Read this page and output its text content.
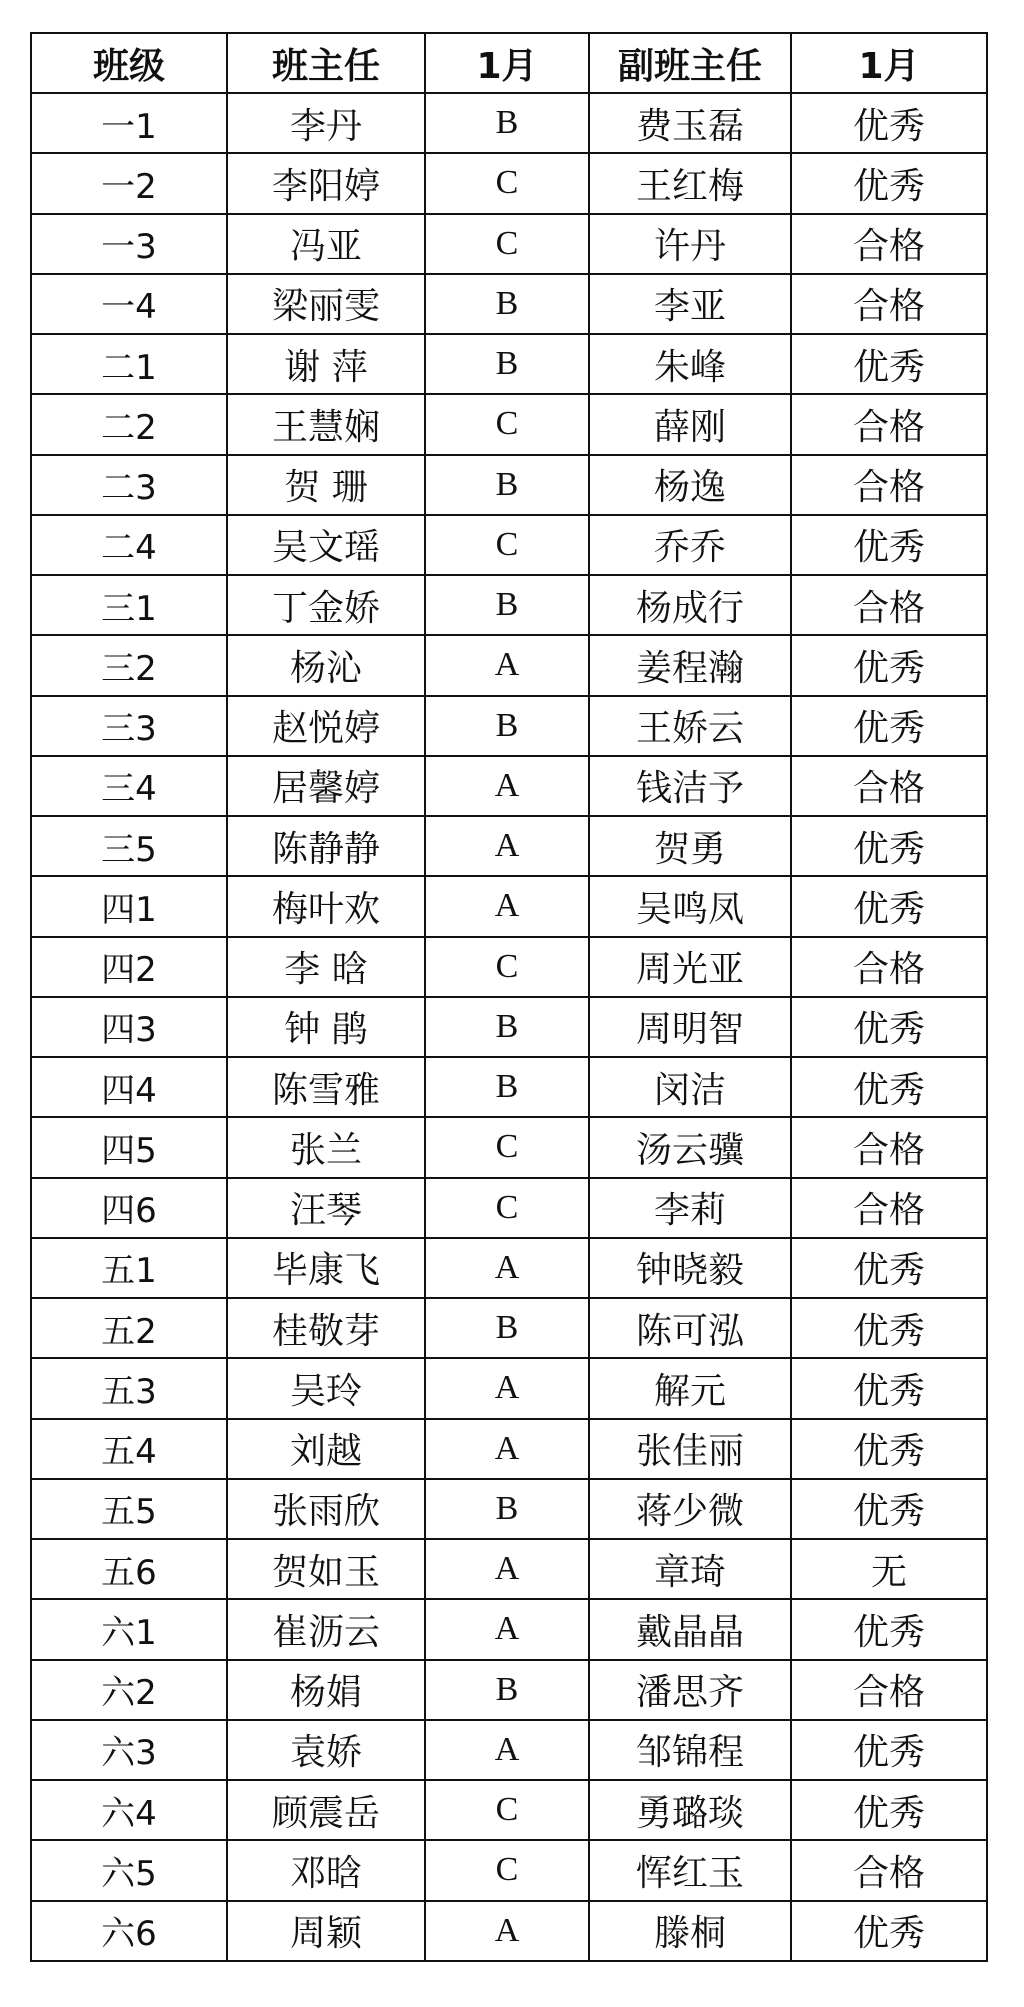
班级	班主任	1月	副班主任	1月
一1	李丹	B	费玉磊	优秀
一2	李阳婷	C	王红梅	优秀
一3	冯亚	C	许丹	合格
一4	梁丽雯	B	李亚	合格
二1	谢 萍	B	朱峰	优秀
二2	王慧娴	C	薛刚	合格
二3	贺 珊	B	杨逸	合格
二4	吴文瑶	C	乔乔	优秀
三1	丁金娇	B	杨成行	合格
三2	杨沁	A	姜程瀚	优秀
三3	赵悦婷	B	王娇云	优秀
三4	居馨婷	A	钱洁予	合格
三5	陈静静	A	贺勇	优秀
四1	梅叶欢	A	吴鸣凤	优秀
四2	李 晗	C	周光亚	合格
四3	钟 鹃	B	周明智	优秀
四4	陈雪雅	B	闵洁	优秀
四5	张兰	C	汤云骥	合格
四6	汪琴	C	李莉	合格
五1	毕康飞	A	钟晓毅	优秀
五2	桂敬芽	B	陈可泓	优秀
五3	吴玲	A	解元	优秀
五4	刘越	A	张佳丽	优秀
五5	张雨欣	B	蒋少微	优秀
五6	贺如玉	A	章琦	无
六1	崔沥云	A	戴晶晶	优秀
六2	杨娟	B	潘思齐	合格
六3	袁娇	A	邹锦程	优秀
六4	顾震岳	C	勇璐琰	优秀
六5	邓晗	C	恽红玉	合格
六6	周颖	A	滕桐	优秀
